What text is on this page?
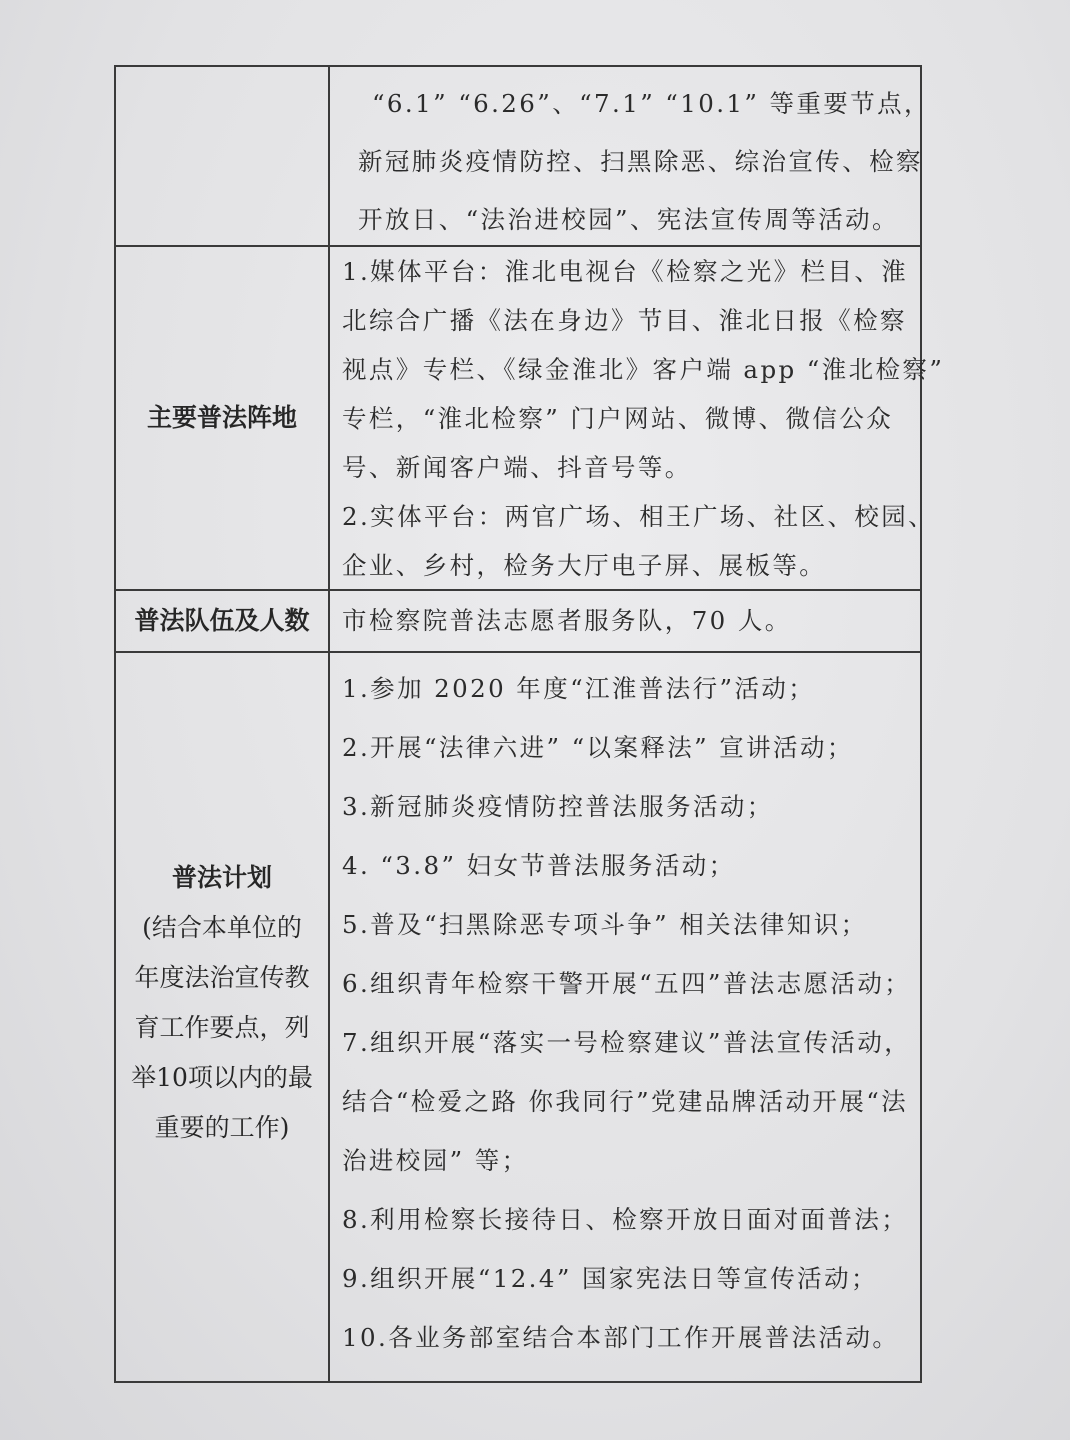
“6.1” “6.26”、“7.1” “10.1” 等重要节点，
新冠肺炎疫情防控、扫黑除恶、综治宣传、检察
开放日、“法治进校园”、宪法宣传周等活动。
主要普法阵地
1.媒体平台：淮北电视台《检察之光》栏目、淮
北综合广播《法在身边》节目、淮北日报《检察
视点》专栏、《绿金淮北》客户端 app “淮北检察”
专栏，“淮北检察” 门户网站、微博、微信公众
号、新闻客户端、抖音号等。
2.实体平台：两官广场、相王广场、社区、校园、
企业、乡村，检务大厅电子屏、展板等。
普法队伍及人数 市检察院普法志愿者服务队，70 人。
普法计划
(结合本单位的
年度法治宣传教
育工作要点，列
举10项以内的最
重要的工作)
1.参加 2020 年度“江淮普法行”活动；
2.开展“法律六进” “以案释法” 宣讲活动；
3.新冠肺炎疫情防控普法服务活动；
4. “3.8” 妇女节普法服务活动；
5.普及“扫黑除恶专项斗争” 相关法律知识；
6.组织青年检察干警开展“五四”普法志愿活动；
7.组织开展“落实一号检察建议”普法宣传活动，
结合“检爱之路 你我同行”党建品牌活动开展“法
治进校园” 等；
8.利用检察长接待日、检察开放日面对面普法；
9.组织开展“12.4” 国家宪法日等宣传活动；
10.各业务部室结合本部门工作开展普法活动。
